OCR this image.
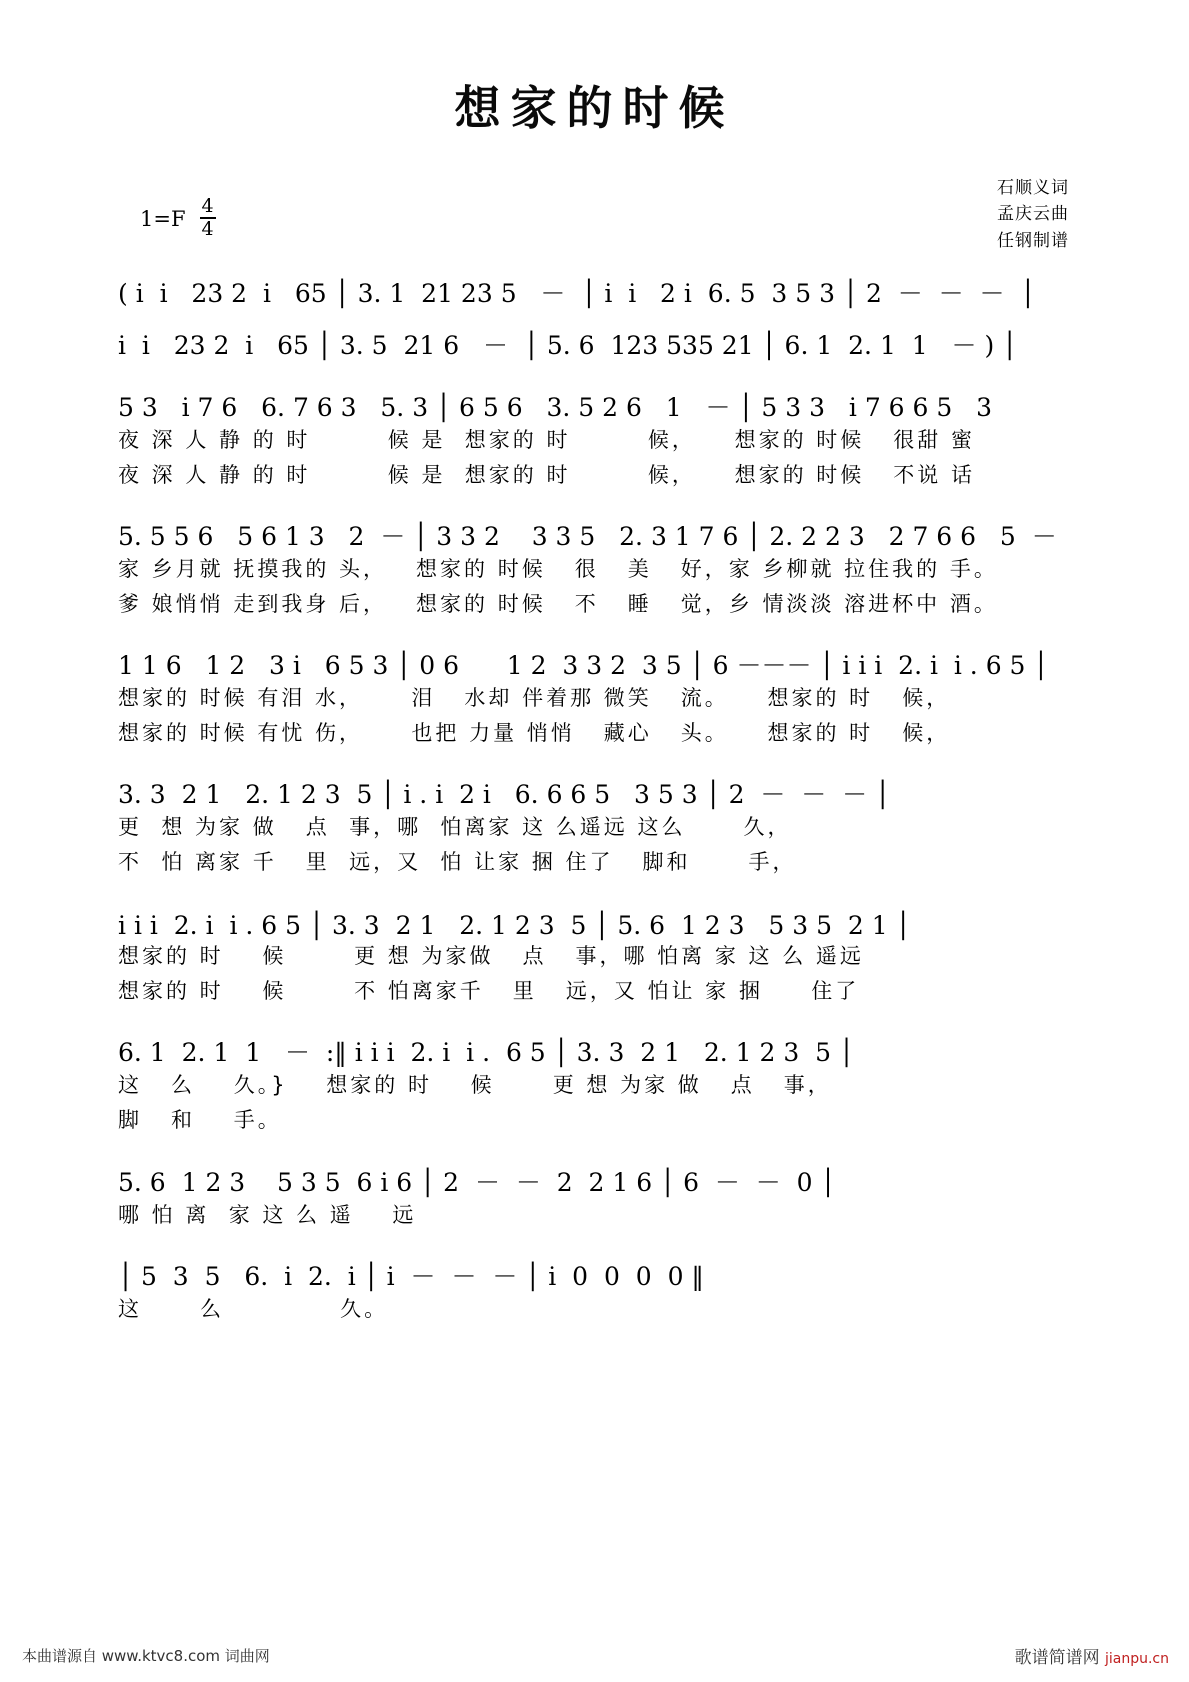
想家的时候
石顺义词
孟庆云曲
任钢制谱
$1=F \frac{4}{4}$
( i  i   23 2  i   65 │ 3. 1  21 23 5   －  │ i  i   2 i  6. 5  3 5 3 │ 2  －  －  －  │
i  i   23 2  i   65 │ 3. 5  21 6   －  │ 5. 6  123 535 21 │ 6. 1  2. 1  1   － ) │
5 3   i 7 6   6. 7 6 3   5. 3 │ 6 5 6   3. 5 2 6   1   － │ 5 3 3   i 7 6 6 5   3
夜 深 人 静 的 时        候 是  想家的 时        候，    想家的 时候   很甜 蜜
夜 深 人 静 的 时        候 是  想家的 时        候，    想家的 时候   不说 话
5. 5 5 6   5 6 1 3   2  － │ 3 3 2    3 3 5   2. 3 1 7 6 │ 2. 2 2 3   2 7 6 6   5  －
家 乡月就 抚摸我的 头，   想家的 时候   很   美   好，家 乡柳就 拉住我的 手。
爹 娘悄悄 走到我身 后，   想家的 时候   不   睡   觉，乡 情淡淡 溶进杯中 酒。
1 1 6   1 2   3 i   6 5 3 │ 0 6      1 2  3 3 2  3 5 │ 6 －－－ │ i i i  2. i  i . 6 5 │
想家的 时候 有泪 水，     泪   水却 伴着那 微笑   流。    想家的 时   候，
想家的 时候 有忧 伤，     也把 力量 悄悄   藏心   头。    想家的 时   候，
3. 3  2 1   2. 1 2 3  5 │ i . i  2 i   6. 6 6 5   3 5 3 │ 2  －  －  － │
更  想 为家 做   点  事，哪  怕离家 这 么遥远 这么      久，
不  怕 离家 千   里  远，又  怕 让家 捆 住了   脚和      手，
i i i  2. i  i . 6 5 │ 3. 3  2 1   2. 1 2 3  5 │ 5. 6  1 2 3   5 3 5  2 1 │
想家的 时    候       更 想 为家做   点   事，哪 怕离 家 这 么 遥远
想家的 时    候       不 怕离家千   里   远，又 怕让 家 捆     住了
6. 1  2. 1  1   －  :‖ i i i  2. i  i .  6 5 │ 3. 3  2 1   2. 1 2 3  5 │
这   么    久。}    想家的 时    候      更 想 为家 做   点   事，
脚   和    手。
5. 6  1 2 3    5 3 5  6 i 6 │ 2  －  －  2  2 1 6 │ 6  －  －  0 │
哪 怕 离  家 这 么 遥    远
│ 5  3  5   6.  i  2.  i │ i  －  －  － │ i  0  0  0  0 ‖
这      么            久。
本曲谱源自 www.ktvc8.com 词曲网	歌谱简谱网 jianpu.cn
